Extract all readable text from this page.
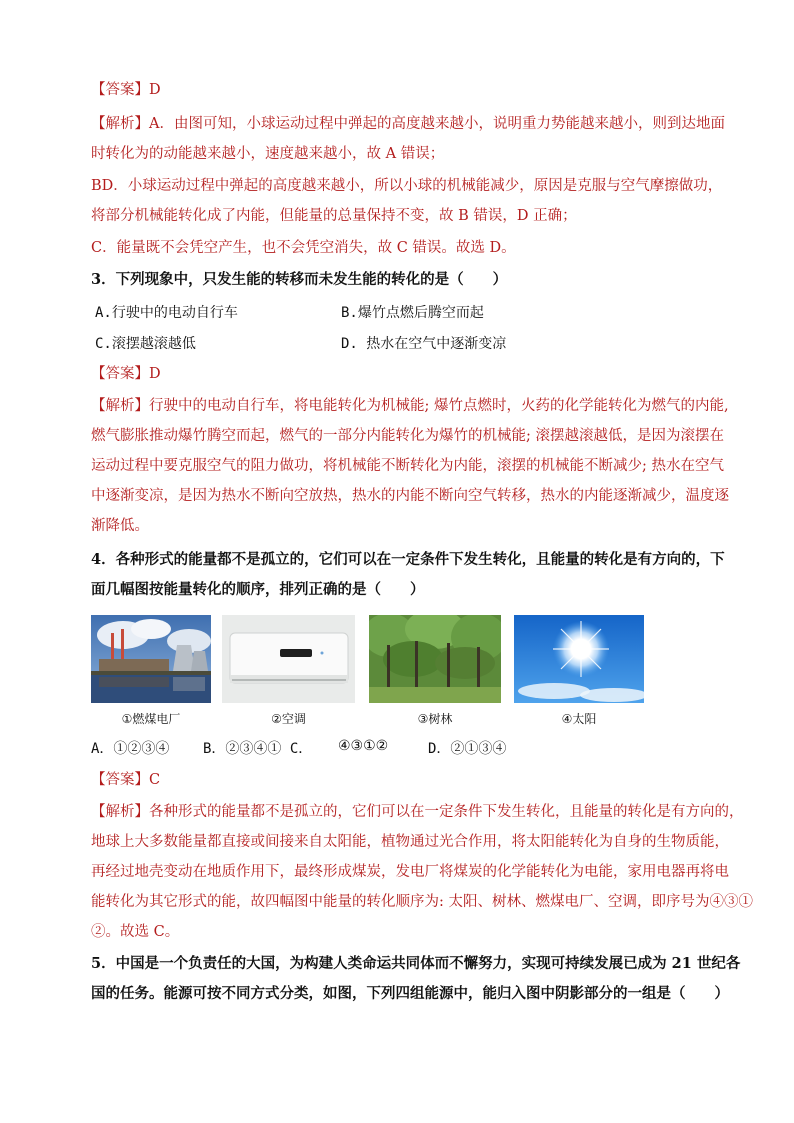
【答案】D
【解析】A．由图可知，小球运动过程中弹起的高度越来越小，说明重力势能越来越小，则到达地面
时转化为的动能越来越小，速度越来越小，故 A 错误；
BD．小球运动过程中弹起的高度越来越小，所以小球的机械能减少，原因是克服与空气摩擦做功，
将部分机械能转化成了内能，但能量的总量保持不变，故 B 错误，D 正确；
C．能量既不会凭空产生，也不会凭空消失，故 C 错误。故选 D。
3．下列现象中，只发生能的转移而未发生能的转化的是（　　）
A.行驶中的电动自行车	B.爆竹点燃后腾空而起
C.滚摆越滚越低	D. 热水在空气中逐渐变凉
【答案】D
【解析】行驶中的电动自行车，将电能转化为机械能; 爆竹点燃时，火药的化学能转化为燃气的内能,
燃气膨胀推动爆竹腾空而起，燃气的一部分内能转化为爆竹的机械能; 滚摆越滚越低，是因为滚摆在
运动过程中要克服空气的阻力做功，将机械能不断转化为内能，滚摆的机械能不断减少; 热水在空气
中逐渐变凉，是因为热水不断向空放热，热水的内能不断向空气转移，热水的内能逐渐减少，温度逐
渐降低。
4．各种形式的能量都不是孤立的，它们可以在一定条件下发生转化，且能量的转化是有方向的，下
面几幅图按能量转化的顺序，排列正确的是（　　）
①燃煤电厂	②空调	③树林	④太阳
A．①②③④ B．②③④① C． ④③①②	D．②①③④
【答案】C
【解析】各种形式的能量都不是孤立的，它们可以在一定条件下发生转化，且能量的转化是有方向的，
地球上大多数能量都直接或间接来自太阳能，植物通过光合作用，将太阳能转化为自身的生物质能，
再经过地壳变动在地质作用下，最终形成煤炭，发电厂将煤炭的化学能转化为电能，家用电器再将电
能转化为其它形式的能，故四幅图中能量的转化顺序为: 太阳、树林、燃煤电厂、空调，即序号为④③①
②。故选 C。
5．中国是一个负责任的大国，为构建人类命运共同体而不懈努力，实现可持续发展已成为 21 世纪各
国的任务。能源可按不同方式分类，如图，下列四组能源中，能归入图中阴影部分的一组是（　　）
